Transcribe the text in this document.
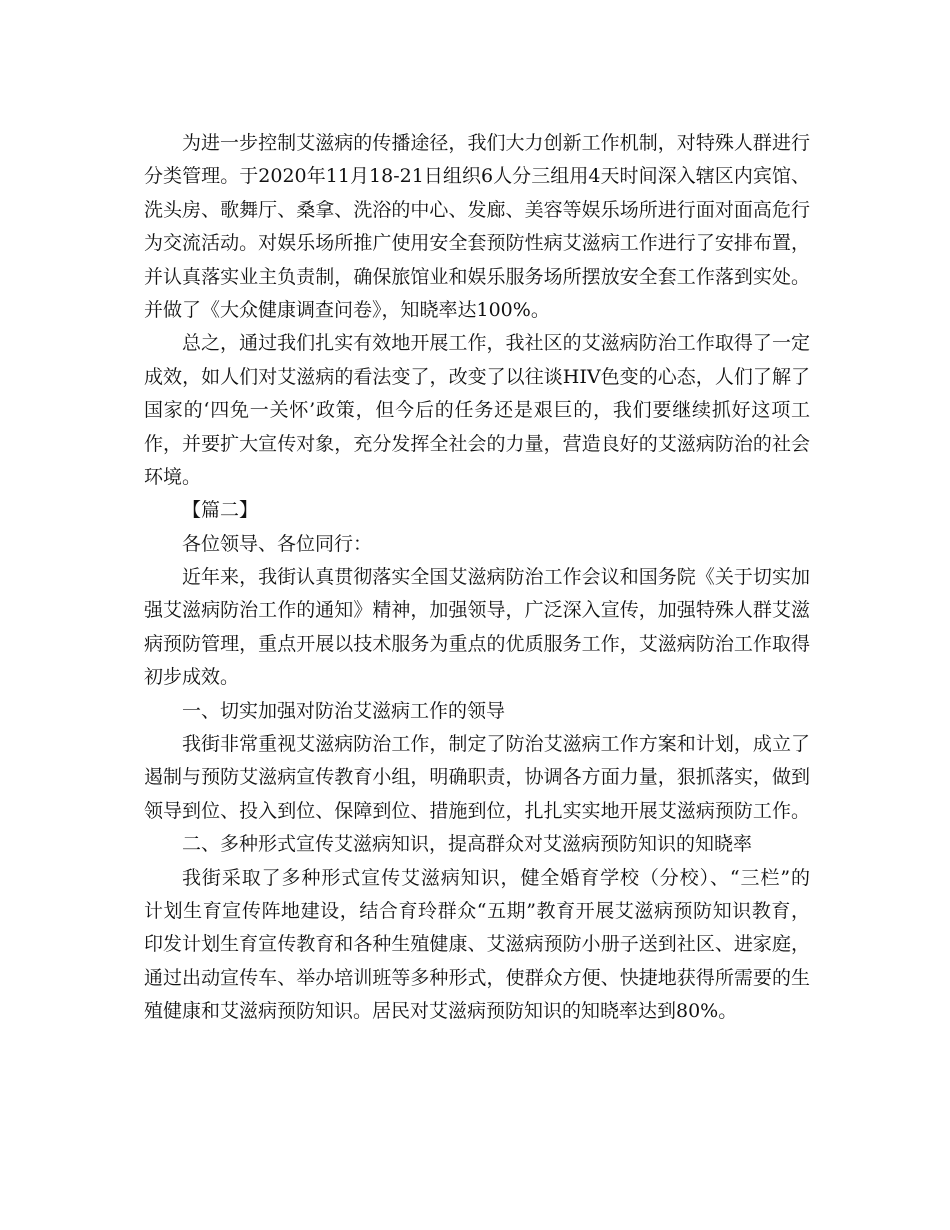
为进一步控制艾滋病的传播途径，我们大力创新工作机制，对特殊人群进行
分类管理。于2020年11月18-21日组织6人分三组用4天时间深入辖区内宾馆、
洗头房、歌舞厅、桑拿、洗浴的中心、发廊、美容等娱乐场所进行面对面高危行
为交流活动。对娱乐场所推广使用安全套预防性病艾滋病工作进行了安排布置，
并认真落实业主负责制，确保旅馆业和娱乐服务场所摆放安全套工作落到实处。
并做了《大众健康调查问卷》，知晓率达100%。
总之，通过我们扎实有效地开展工作，我社区的艾滋病防治工作取得了一定
成效，如人们对艾滋病的看法变了，改变了以往谈HIV色变的心态，人们了解了
国家的‘四免一关怀’政策，但今后的任务还是艰巨的，我们要继续抓好这项工
作，并要扩大宣传对象，充分发挥全社会的力量，营造良好的艾滋病防治的社会
环境。
【篇二】
各位领导、各位同行：
近年来，我街认真贯彻落实全国艾滋病防治工作会议和国务院《关于切实加
强艾滋病防治工作的通知》精神，加强领导，广泛深入宣传，加强特殊人群艾滋
病预防管理，重点开展以技术服务为重点的优质服务工作，艾滋病防治工作取得
初步成效。
一、切实加强对防治艾滋病工作的领导
我街非常重视艾滋病防治工作，制定了防治艾滋病工作方案和计划，成立了
遏制与预防艾滋病宣传教育小组，明确职责，协调各方面力量，狠抓落实，做到
领导到位、投入到位、保障到位、措施到位，扎扎实实地开展艾滋病预防工作。
二、多种形式宣传艾滋病知识，提高群众对艾滋病预防知识的知晓率
我街采取了多种形式宣传艾滋病知识，健全婚育学校（分校）、“三栏”的
计划生育宣传阵地建设，结合育玲群众“五期”教育开展艾滋病预防知识教育，
印发计划生育宣传教育和各种生殖健康、艾滋病预防小册子送到社区、进家庭，
通过出动宣传车、举办培训班等多种形式，使群众方便、快捷地获得所需要的生
殖健康和艾滋病预防知识。居民对艾滋病预防知识的知晓率达到80%。
